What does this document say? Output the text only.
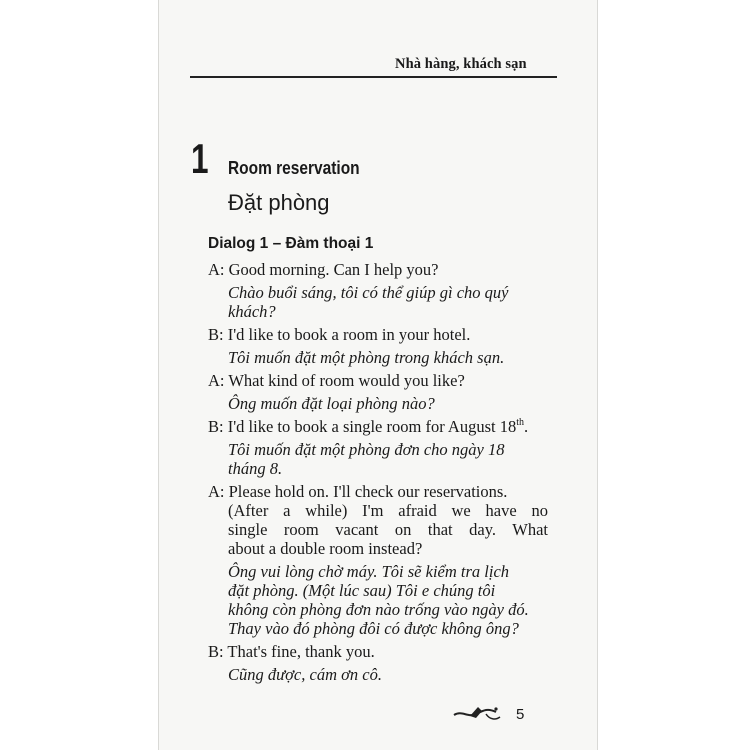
Nhà hàng, khách sạn
1 Room reservation
Đặt phòng
Dialog 1 – Đàm thoại 1
A: Good morning. Can I help you?
Chào buổi sáng, tôi có thể giúp gì cho quý
khách?
B: I'd like to book a room in your hotel.
Tôi muốn đặt một phòng trong khách sạn.
A: What kind of room would you like?
Ông muốn đặt loại phòng nào?
B: I'd like to book a single room for August 18th.
Tôi muốn đặt một phòng đơn cho ngày 18
tháng 8.
A: Please hold on. I'll check our reservations.
(After a while) I'm afraid we have no
single room vacant on that day. What
about a double room instead?
Ông vui lòng chờ máy. Tôi sẽ kiểm tra lịch
đặt phòng. (Một lúc sau) Tôi e chúng tôi
không còn phòng đơn nào trống vào ngày đó.
Thay vào đó phòng đôi có được không ông?
B: That's fine, thank you.
Cũng được, cám ơn cô.
5
